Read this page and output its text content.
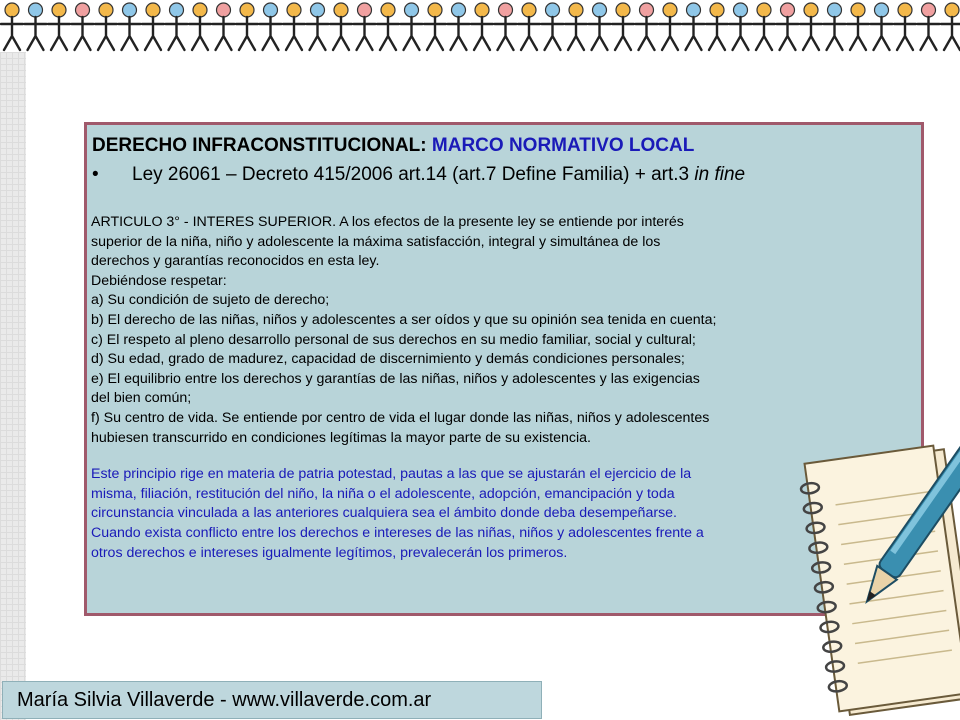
DERECHO INFRACONSTITUCIONAL: MARCO NORMATIVO LOCAL
• Ley 26061 – Decreto 415/2006 art.14 (art.7 Define Familia) + art.3 in fine
ARTICULO 3° - INTERES SUPERIOR. A los efectos de la presente ley se entiende por interés
superior de la niña, niño y adolescente la máxima satisfacción, integral y simultánea de los
derechos y garantías reconocidos en esta ley.
Debiéndose respetar:
a) Su condición de sujeto de derecho;
b) El derecho de las niñas, niños y adolescentes a ser oídos y que su opinión sea tenida en cuenta;
c) El respeto al pleno desarrollo personal de sus derechos en su medio familiar, social y cultural;
d) Su edad, grado de madurez, capacidad de discernimiento y demás condiciones personales;
e) El equilibrio entre los derechos y garantías de las niñas, niños y adolescentes y las exigencias
del bien común;
f) Su centro de vida. Se entiende por centro de vida el lugar donde las niñas, niños y adolescentes
hubiesen transcurrido en condiciones legítimas la mayor parte de su existencia.
Este principio rige en materia de patria potestad, pautas a las que se ajustarán el ejercicio de la
misma, filiación, restitución del niño, la niña o el adolescente, adopción, emancipación y toda
circunstancia vinculada a las anteriores cualquiera sea el ámbito donde deba desempeñarse.
Cuando exista conflicto entre los derechos e intereses de las niñas, niños y adolescentes frente a
otros derechos e intereses igualmente legítimos, prevalecerán los primeros.
María Silvia Villaverde - www.villaverde.com.ar
